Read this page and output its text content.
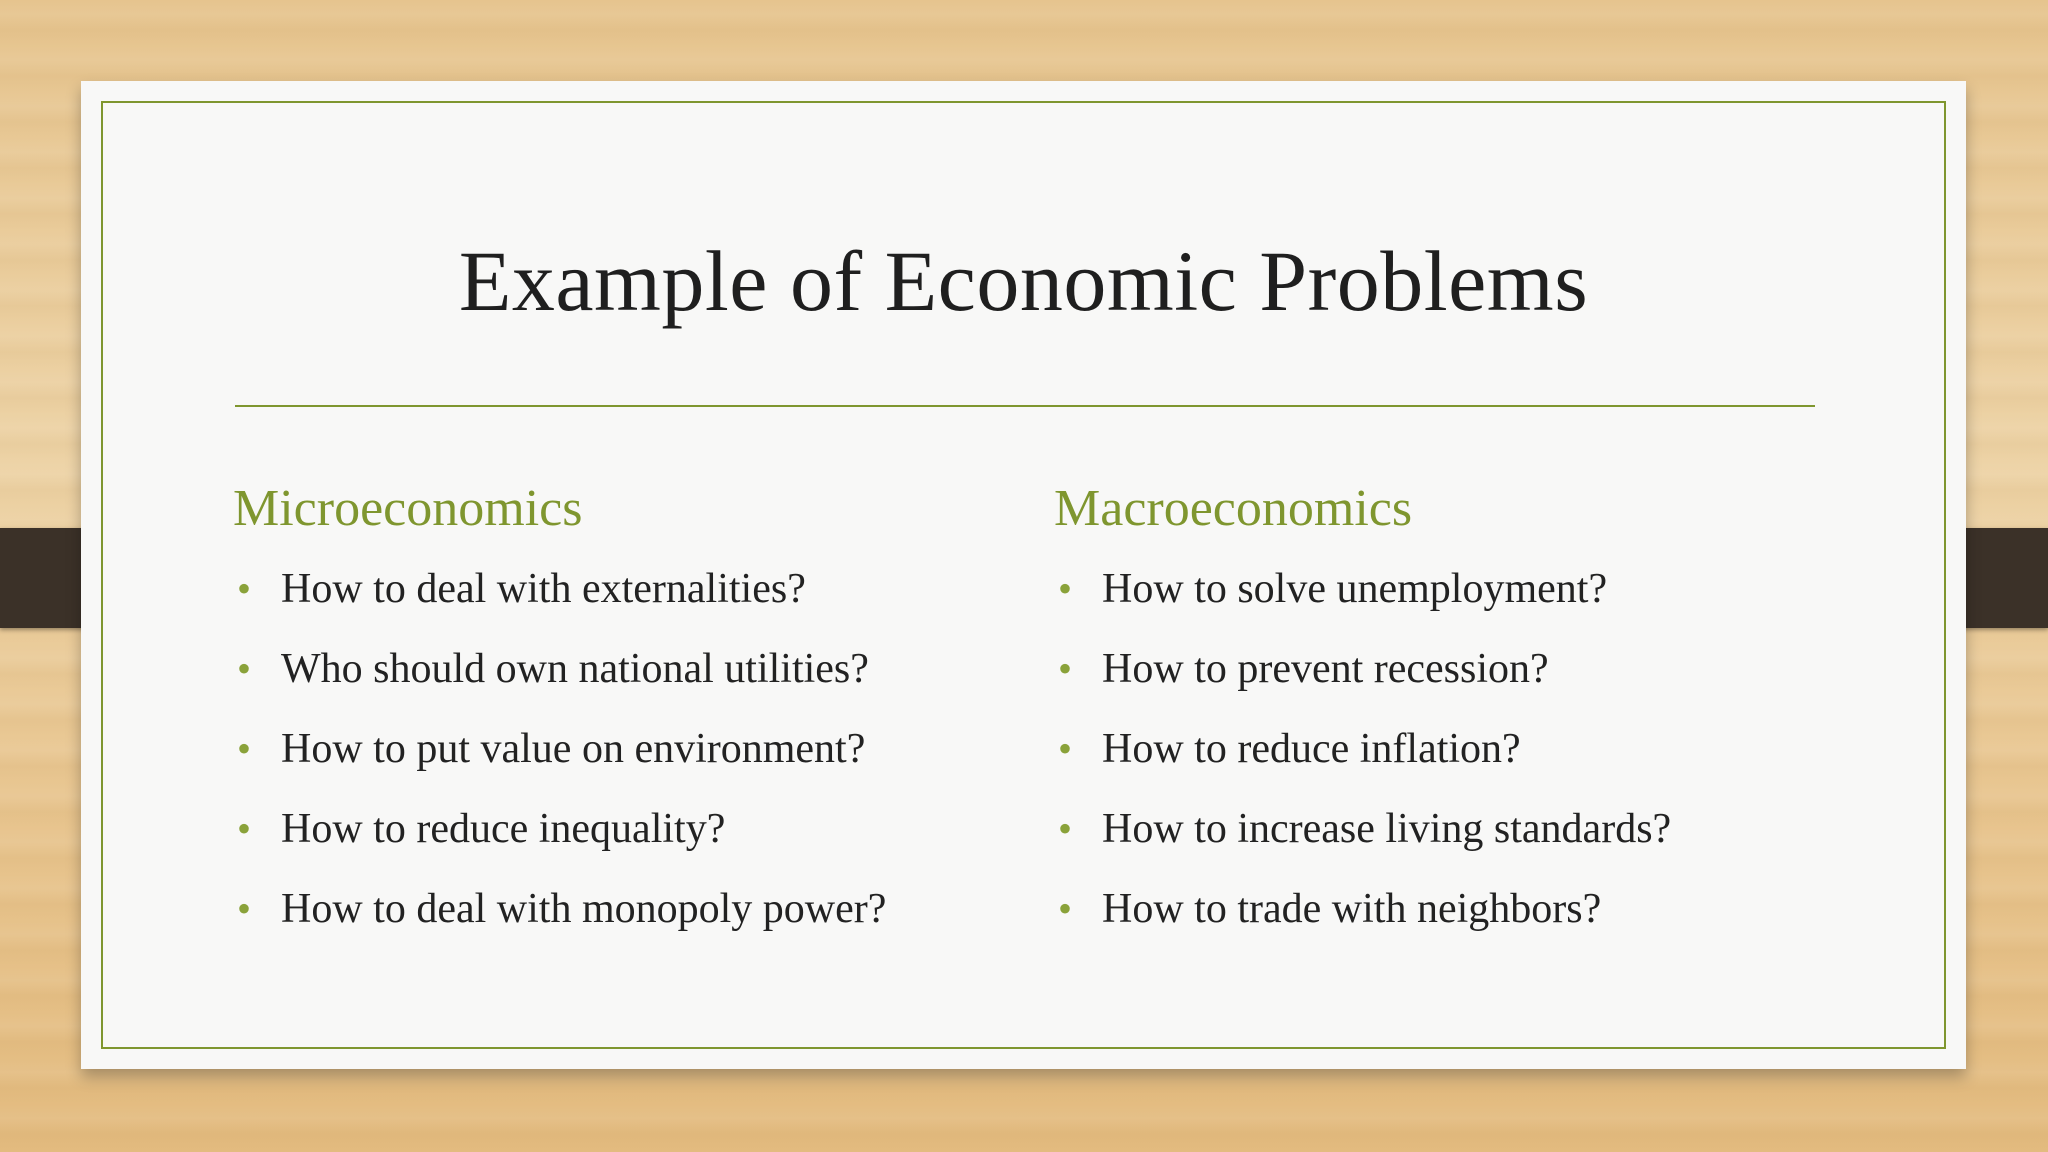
Example of Economic Problems
Microeconomics
• How to deal with externalities?
• Who should own national utilities?
• How to put value on environment?
• How to reduce inequality?
• How to deal with monopoly power?
Macroeconomics
• How to solve unemployment?
• How to prevent recession?
• How to reduce inflation?
• How to increase living standards?
• How to trade with neighbors?
